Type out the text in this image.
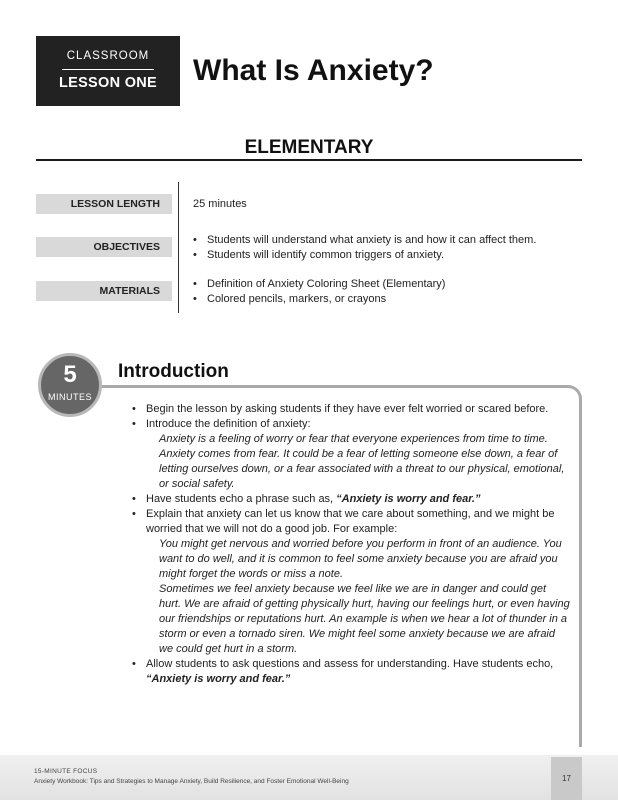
CLASSROOM
LESSON ONE	What Is Anxiety?
ELEMENTARY
LESSON LENGTH	25 minutes
OBJECTIVES
• Students will understand what anxiety is and how it can affect them.
• Students will identify common triggers of anxiety.
MATERIALS
• Definition of Anxiety Coloring Sheet (Elementary)
• Colored pencils, markers, or crayons
5
MINUTES
Introduction

• Begin the lesson by asking students if they have ever felt worried or scared before.

• Introduce the definition of anxiety:

Anxiety is a feeling of worry or fear that everyone experiences from time to time. Anxiety comes from fear. It could be a fear of letting someone else down, a fear of letting ourselves down, or a fear associated with a threat to our physical, emotional, or social safety.

• Have students echo a phrase such as, “Anxiety is worry and fear.”

• Explain that anxiety can let us know that we care about something, and we might be worried that we will not do a good job. For example:

You might get nervous and worried before you perform in front of an audience. You want to do well, and it is common to feel some anxiety because you are afraid you might forget the words or miss a note.

Sometimes we feel anxiety because we feel like we are in danger and could get hurt. We are afraid of getting physically hurt, having our feelings hurt, or even having our friendships or reputations hurt. An example is when we hear a lot of thunder in a storm or even a tornado siren. We might feel some anxiety because we are afraid we could get hurt in a storm.

• Allow students to ask questions and assess for understanding. Have students echo, “Anxiety is worry and fear.”

15-MINUTE FOCUS
Anxiety Workbook: Tips and Strategies to Manage Anxiety, Build Resilience, and Foster Emotional Well-Being	17
